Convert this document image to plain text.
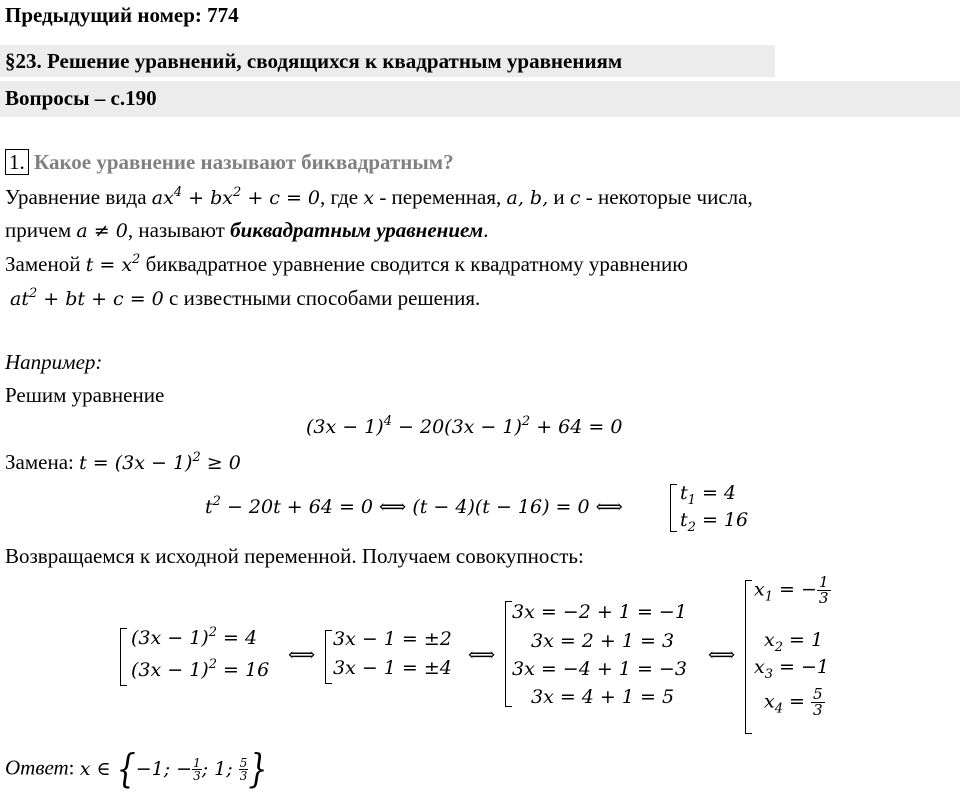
Предыдущий номер: 774
§23. Решение уравнений, сводящихся к квадратным уравнениям
Вопросы – с.190
1. Какое уравнение называют биквадратным?
Уравнение вида $ax^4 + bx^2 + c = 0$, где x - переменная, a, b, и c - некоторые числа,
причем a ≠ 0, называют биквадратным уравнением.
Заменой $t = x^2$ биквадратное уравнение сводится к квадратному уравнению
$at^2$ + bt + c = 0 с известными способами решения.
Например:
Решим уравнение
$(3x - 1)^4 - 20(3x - 1)^2 + 64 = 0$
Замена: $t = (3x - 1)^2 \ge 0$
$t^2 - 20t + 64 = 0$ ⟺ (t − 4)(t − 16) = 0 ⟺
$t_1 = 4$
$t_2 = 16$
Возвращаемся к исходной переменной. Получаем совокупность:
$(3x - 1)^2 = 4$
$(3x - 1)^2 = 16$
⟺
3x − 1 = ±2
3x − 1 = ±4
⟺
3x = −2 + 1 = −1
3x = 2 + 1 = 3
3x = −4 + 1 = −3
3x = 4 + 1 = 5
⟺
$x_1$ = − $\frac{1}{3}$
$x_2 = 1$
$x_3 = -1$
$x_4 = \frac{5}{3}$
Ответ: x ∈ {−1; − $\frac{1}{3}$ ; 1; $\frac{5}{3}$ }
